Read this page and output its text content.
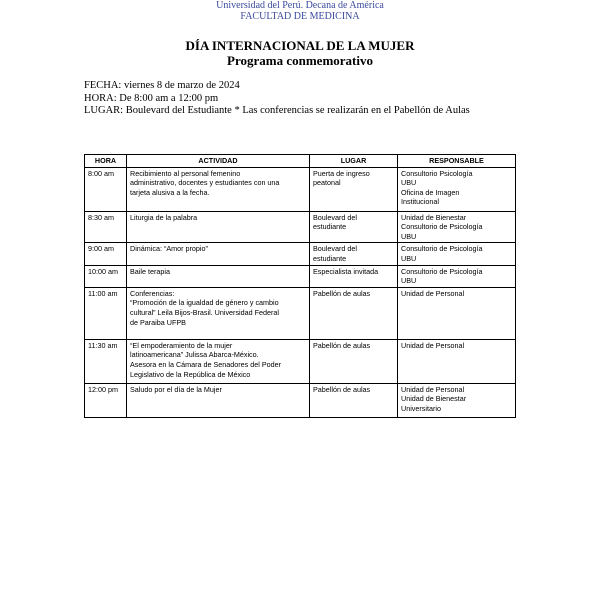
Universidad del Perú. Decana de América
FACULTAD DE MEDICINA
DÍA INTERNACIONAL DE LA MUJER
Programa conmemorativo
FECHA: viernes 8 de marzo de 2024
HORA: De 8:00 am a 12:00 pm
LUGAR: Boulevard del Estudiante * Las conferencias se realizarán en el Pabellón de Aulas
HORA	ACTIVIDAD	LUGAR	RESPONSABLE
8:00 am	Recibimiento al personal femenino
administrativo, docentes y estudiantes con una
tarjeta alusiva a la fecha.	Puerta de ingreso
peatonal	Consultorio Psicología
UBU
Oficina de Imagen
Institucional

8:30 am	Liturgia de la palabra	Boulevard del
estudiante	Unidad de Bienestar
Consultorio de Psicología
UBU

9:00 am	Dinámica: “Amor propio”	Boulevard del
estudiante	Consultorio de Psicología
UBU

10:00 am	Baile terapia	Especialista invitada	Consultorio de Psicología
UBU

11:00 am	Conferencias:
“Promoción de la igualdad de género y cambio
cultural” Leila Bijos-Brasil. Universidad Federal
de Paraiba UFPB	Pabellón de aulas	Unidad de Personal

11:30 am	“El empoderamiento de la mujer
latinoamericana” Julissa Abarca-México.
Asesora en la Cámara de Senadores del Poder
Legislativo de la República de México	Pabellón de aulas	Unidad de Personal

12:00 pm	Saludo por el día de la Mujer	Pabellón de aulas	Unidad de Personal
Unidad de Bienestar
Universitario
